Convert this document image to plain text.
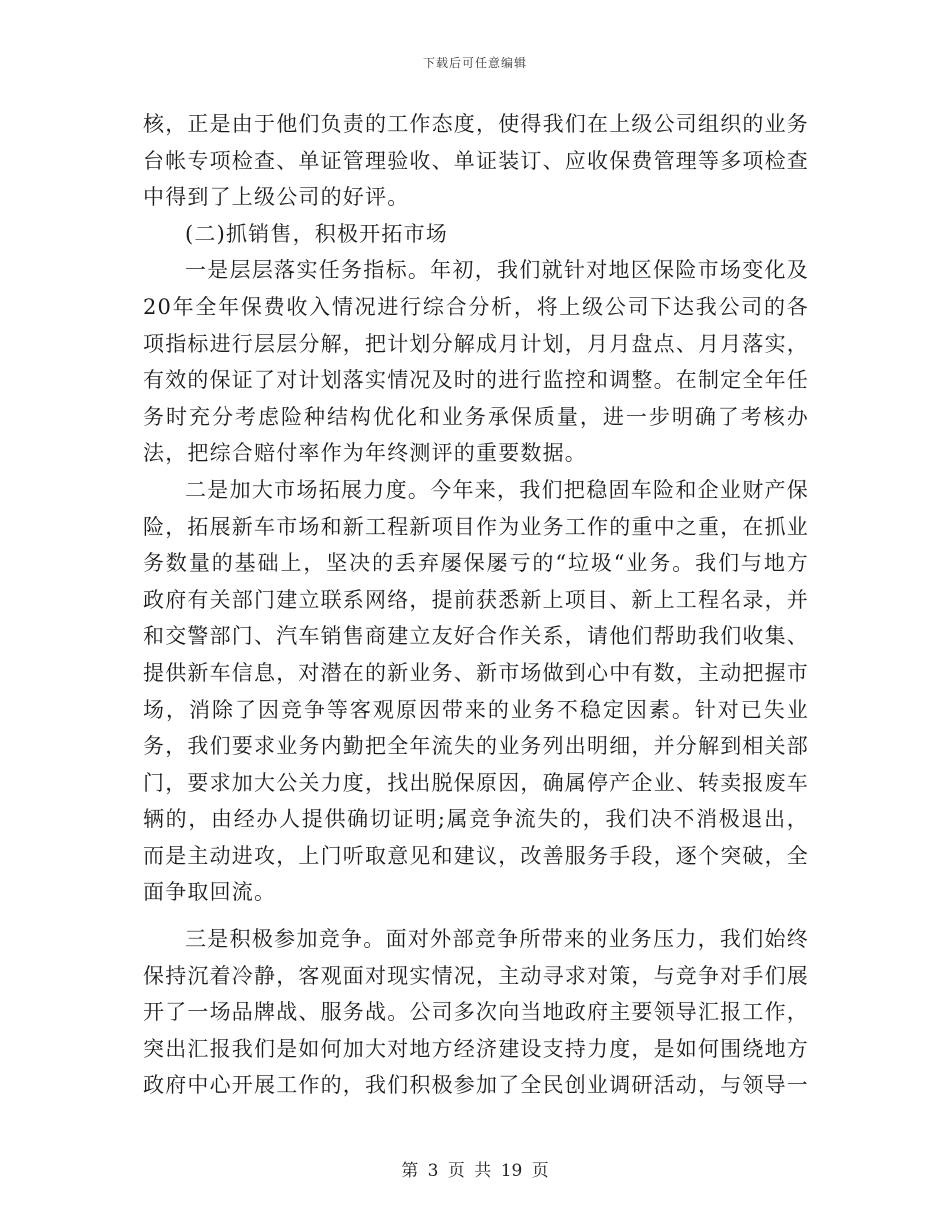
下载后可任意编辑

核，正是由于他们负责的工作态度，使得我们在上级公司组织的业务台帐专项检查、单证管理验收、单证装订、应收保费管理等多项检查中得到了上级公司的好评。

(二)抓销售，积极开拓市场

一是层层落实任务指标。年初，我们就针对地区保险市场变化及20年全年保费收入情况进行综合分析，将上级公司下达我公司的各项指标进行层层分解，把计划分解成月计划，月月盘点、月月落实，有效的保证了对计划落实情况及时的进行监控和调整。在制定全年任务时充分考虑险种结构优化和业务承保质量，进一步明确了考核办法，把综合赔付率作为年终测评的重要数据。

二是加大市场拓展力度。今年来，我们把稳固车险和企业财产保险，拓展新车市场和新工程新项目作为业务工作的重中之重，在抓业务数量的基础上，坚决的丢弃屡保屡亏的“垃圾“业务。我们与地方政府有关部门建立联系网络，提前获悉新上项目、新上工程名录，并和交警部门、汽车销售商建立友好合作关系，请他们帮助我们收集、提供新车信息，对潜在的新业务、新市场做到心中有数，主动把握市场，消除了因竞争等客观原因带来的业务不稳定因素。针对已失业务，我们要求业务内勤把全年流失的业务列出明细，并分解到相关部门，要求加大公关力度，找出脱保原因，确属停产企业、转卖报废车辆的，由经办人提供确切证明;属竞争流失的，我们决不消极退出，而是主动进攻，上门听取意见和建议，改善服务手段，逐个突破，全面争取回流。

三是积极参加竞争。面对外部竞争所带来的业务压力，我们始终保持沉着冷静，客观面对现实情况，主动寻求对策，与竞争对手们展开了一场品牌战、服务战。公司多次向当地政府主要领导汇报工作，突出汇报我们是如何加大对地方经济建设支持力度，是如何围绕地方政府中心开展工作的，我们积极参加了全民创业调研活动，与领导一

第 3 页 共 19 页
